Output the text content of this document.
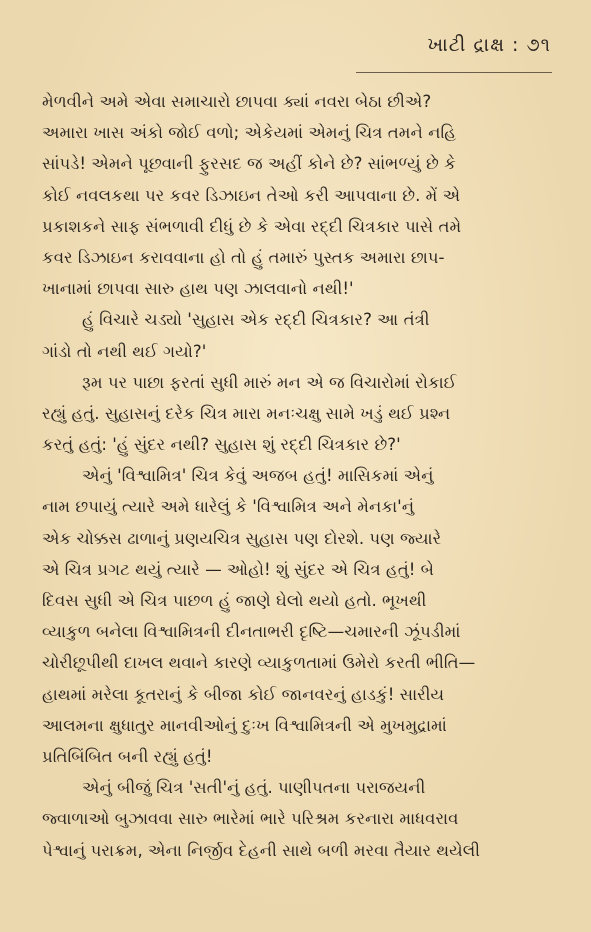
ખાટી દ્રાક્ષ : ૭૧
મેળવીને અમે એવા સમાચારો છાપવા ક્યાં નવરા બેઠા છીએ?
અમારા ખાસ અંકો જોઈ વળો; એકેયમાં એમનું ચિત્ર તમને નહિ
સાંપડે! એમને પૂછવાની ફુરસદ જ અહીં કોને છે? સાંભળ્યું છે કે
કોઈ નવલકથા પર કવર ડિઝાઇન તેઓ કરી આપવાના છે. મેં એ
પ્રકાશકને સાફ સંભળાવી દીધું છે કે એવા રદ્દી ચિત્રકાર પાસે તમે
કવર ડિઝાઇન કરાવવાના હો તો હું તમારું પુસ્તક અમારા છાપ-
ખાનામાં છાપવા સારુ હાથ પણ ઝાલવાનો નથી!'
હું વિચારે ચડ્યો 'સુહાસ એક રદ્દી ચિત્રકાર? આ તંત્રી
ગાંડો તો નથી થઈ ગયો?'
રૂમ પર પાછા ફરતાં સુધી મારું મન એ જ વિચારોમાં રોકાઈ
રહ્યું હતું. સુહાસનું દરેક ચિત્ર મારા મનઃચક્ષુ સામે ખડું થઈ પ્રશ્ન
કરતું હતું: 'હું સુંદર નથી? સુહાસ શું રદ્દી ચિત્રકાર છે?'
એનું 'વિશ્વામિત્ર' ચિત્ર કેવું અજબ હતું! માસિકમાં એનું
નામ છપાયું ત્યારે અમે ધારેલું કે 'વિશ્વામિત્ર અને મેનકા'નું
એક ચોક્કસ ઢાળાનું પ્રણયચિત્ર સુહાસ પણ દોરશે. પણ જ્યારે
એ ચિત્ર પ્રગટ થયું ત્યારે — ઓહો! શું સુંદર એ ચિત્ર હતું! બે
દિવસ સુધી એ ચિત્ર પાછળ હું જાણે ઘેલો થયો હતો. ભૂખથી
વ્યાકુળ બનેલા વિશ્વામિત્રની દીનતાભરી દૃષ્ટિ—ચમારની ઝૂંપડીમાં
ચોરીછૂપીથી દાખલ થવાને કારણે વ્યાકુળતામાં ઉમેરો કરતી ભીતિ—
હાથમાં મરેલા કૂતરાનું કે બીજા કોઈ જાનવરનું હાડકું! સારીય
આલમના ક્ષુધાતુર માનવીઓનું દુઃખ વિશ્વામિત્રની એ મુખમુદ્રામાં
પ્રતિબિંબિત બની રહ્યું હતું!
એનું બીજું ચિત્ર 'સતી'નું હતું. પાણીપતના પરાજયની
જ્વાળાઓ બુઝાવવા સારુ ભારેમાં ભારે પરિશ્રમ કરનારા માધવરાવ
પેશ્વાનું પરાક્રમ, એના નિર્જીવ દેહની સાથે બળી મરવા તૈયાર થયેલી
